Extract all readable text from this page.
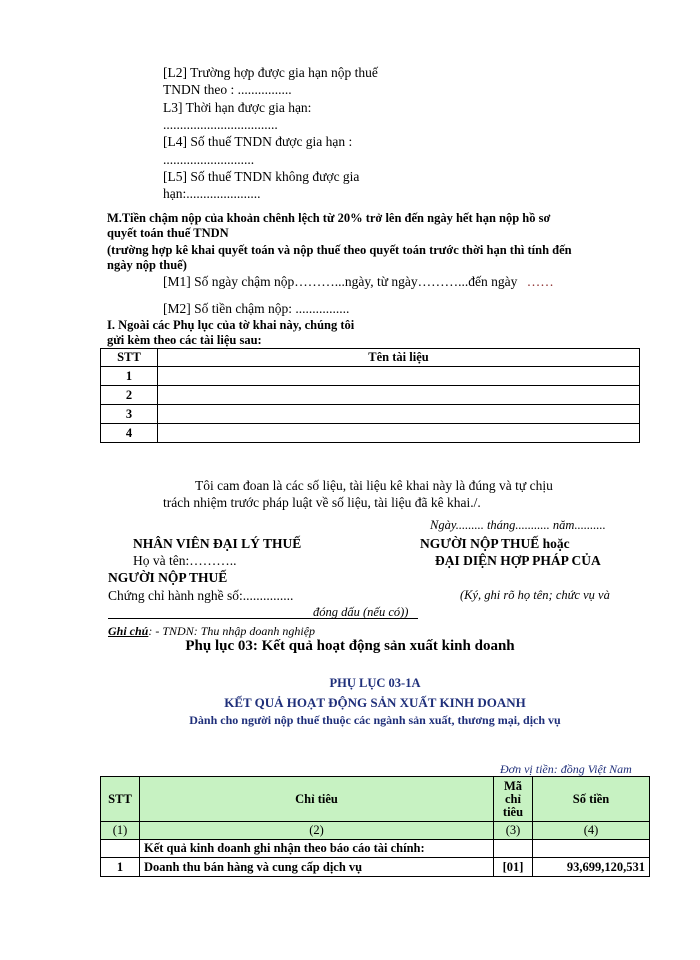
[L2] Trường hợp được gia hạn nộp thuế
TNDN theo : ................
L3] Thời hạn được gia hạn:
..................................
[L4] Số thuế TNDN được gia hạn :
...........................
[L5] Số thuế TNDN không được gia
hạn:......................
M.Tiền chậm nộp của khoản chênh lệch từ 20% trở lên đến ngày hết hạn nộp hồ sơ
quyết toán thuế TNDN
(trường hợp kê khai quyết toán và nộp thuế theo quyết toán trước thời hạn thì tính đến
ngày nộp thuế)
[M1] Số ngày chậm nộp………...ngày, từ ngày………...đến ngày ……
[M2] Số tiền chậm nộp: ................
I. Ngoài các Phụ lục của tờ khai này, chúng tôi
gửi kèm theo các tài liệu sau:
STT	Tên tài liệu
1	
2	
3	
4	
Tôi cam đoan là các số liệu, tài liệu kê khai này là đúng và tự chịu
trách nhiệm trước pháp luật về số liệu, tài liệu đã kê khai./.
Ngày......... tháng........... năm..........
NHÂN VIÊN ĐẠI LÝ THUẾ
Họ và tên:………..
Chứng chỉ hành nghề số:...............
NGƯỜI NỘP THUẾ hoặc
ĐẠI DIỆN HỢP PHÁP CỦA
NGƯỜI NỘP THUẾ
(Ký, ghi rõ họ tên; chức vụ và
đóng dấu (nếu có))
Ghi chú: - TNDN: Thu nhập doanh nghiệp
Phụ lục 03: Kết quả hoạt động sản xuất kinh doanh
PHỤ LỤC 03-1A
KẾT QUẢ HOẠT ĐỘNG SẢN XUẤT KINH DOANH
Dành cho người nộp thuế thuộc các ngành sản xuất, thương mại, dịch vụ
Đơn vị tiền: đồng Việt Nam
STT	Chỉ tiêu	Mã
chỉ
tiêu	Số tiền
(1)	(2)	(3)	(4)
	Kết quả kinh doanh ghi nhận theo báo cáo tài chính:		
1	Doanh thu bán hàng và cung cấp dịch vụ	[01]	93,699,120,531
